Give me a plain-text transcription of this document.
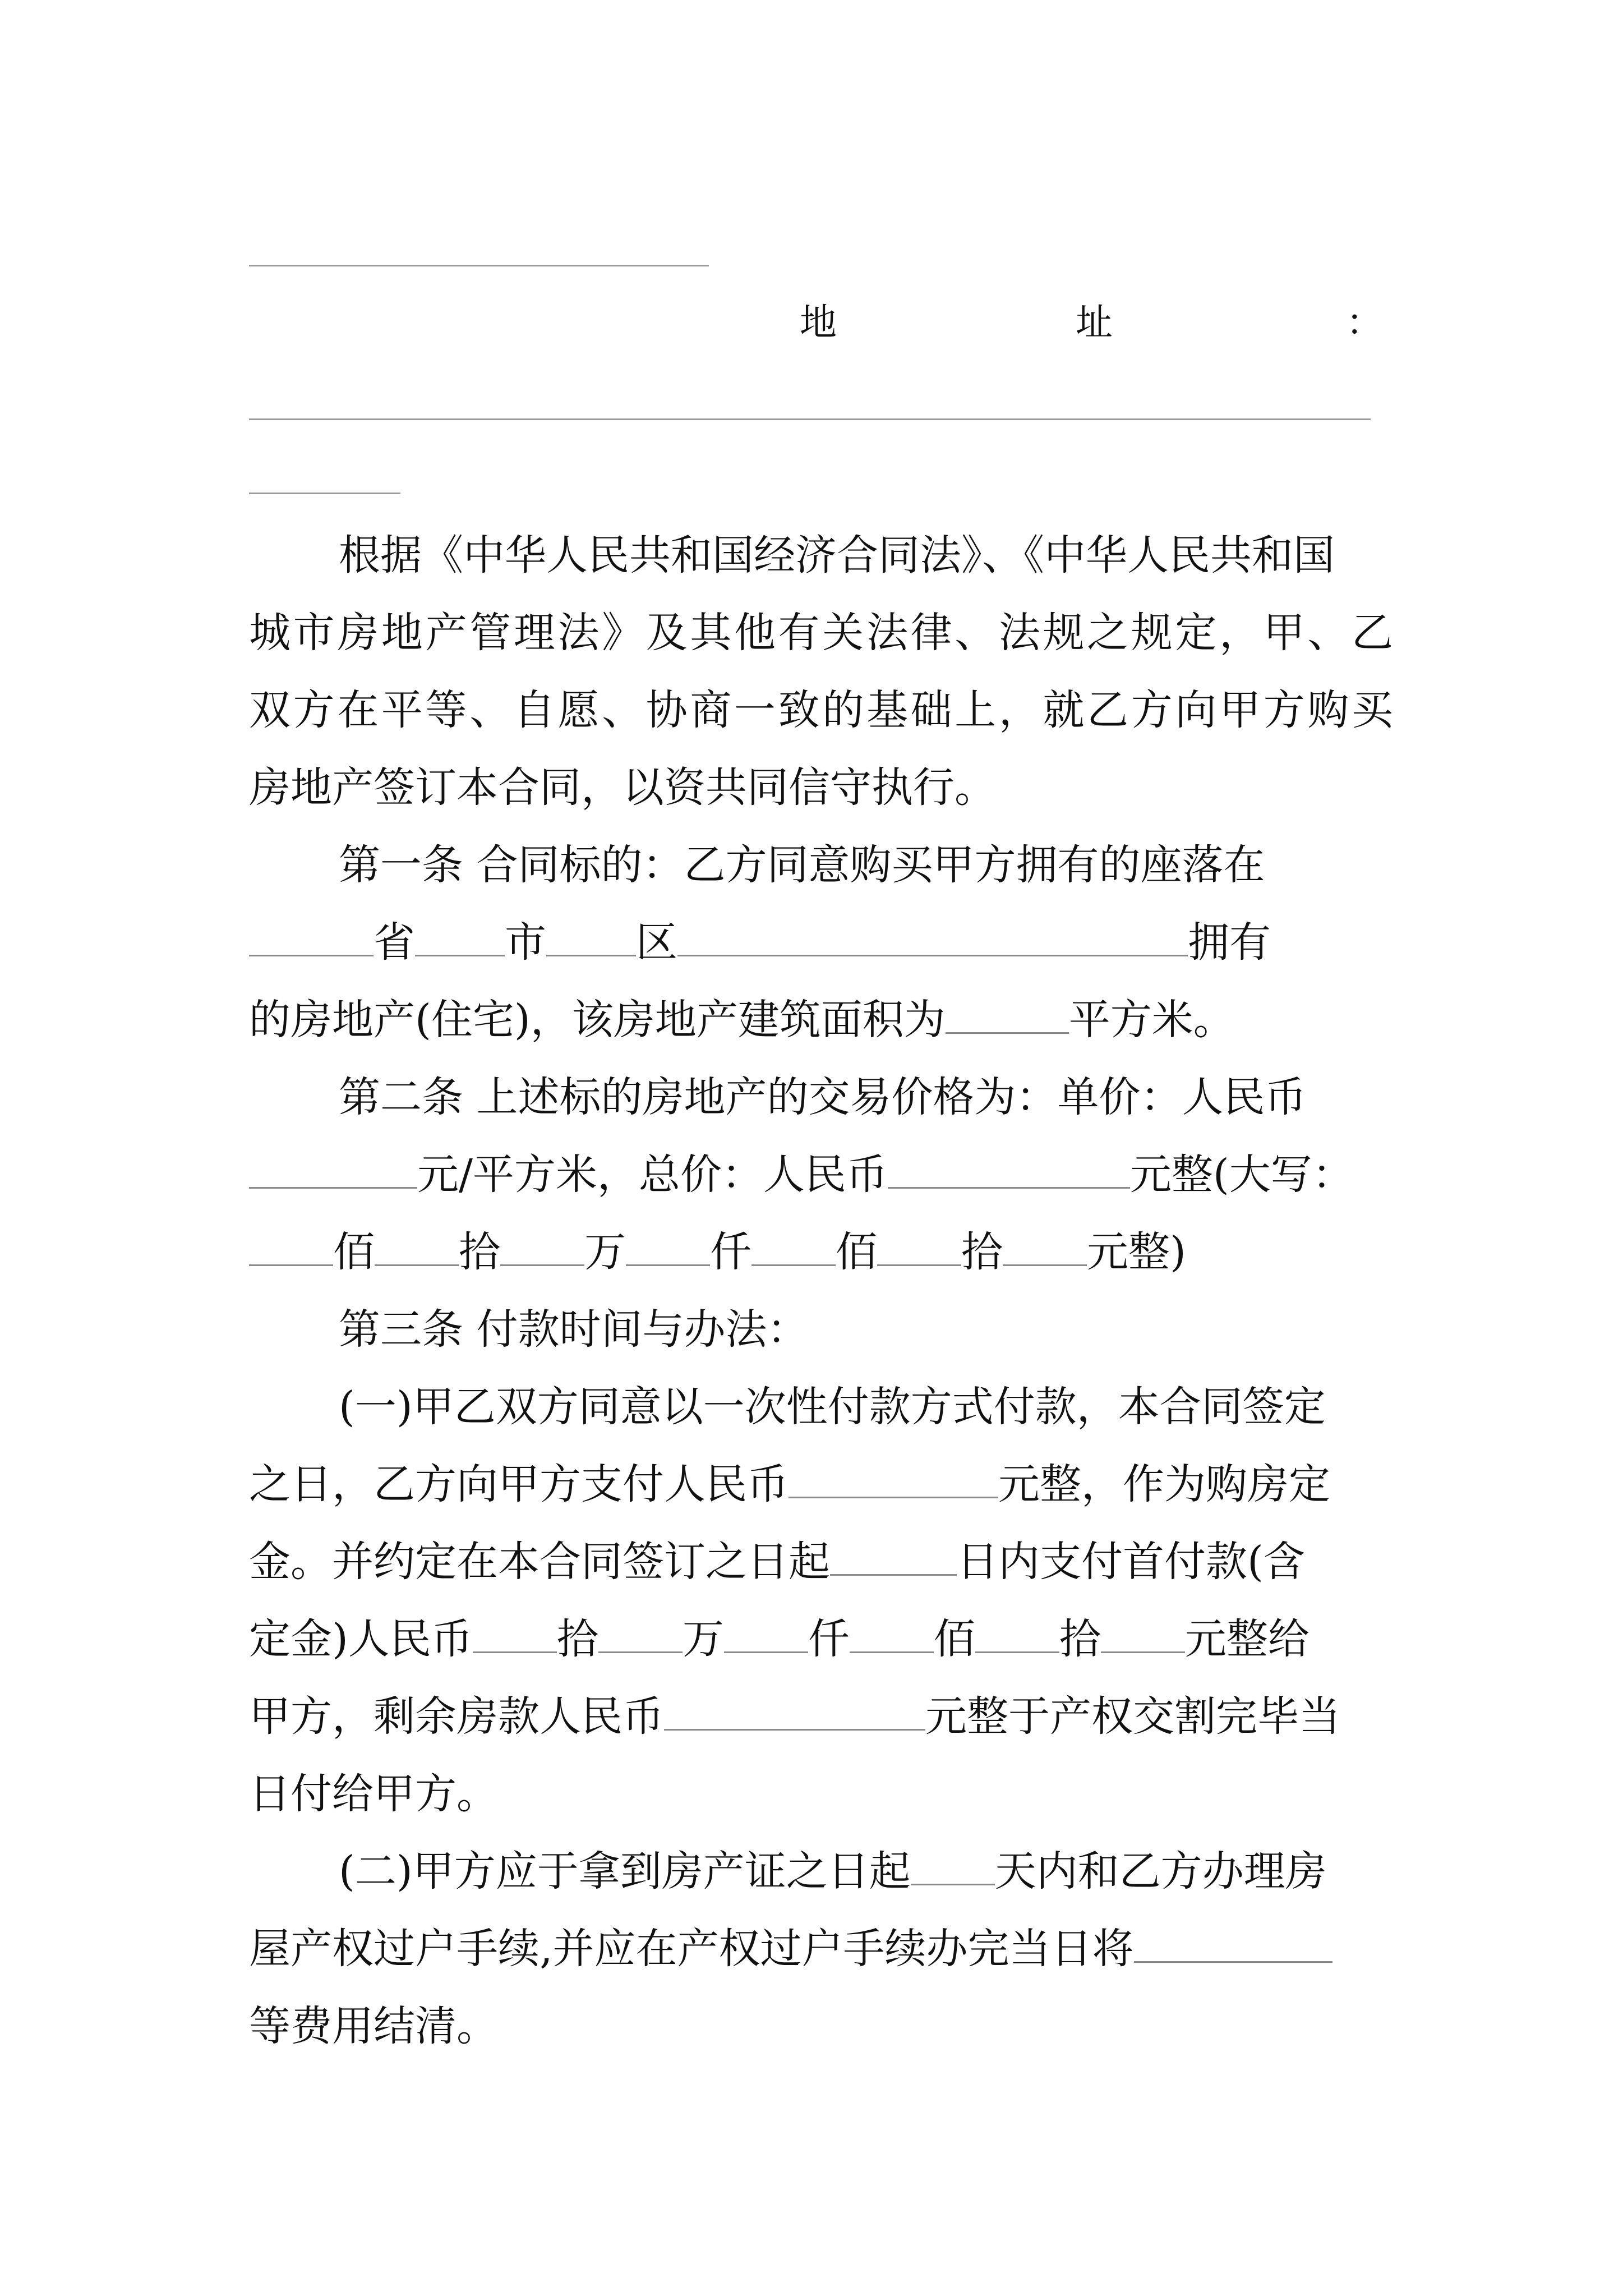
地	址	：
根据《中华人民共和国经济合同法》、《中华人民共和国
城市房地产管理法》及其他有关法律、法规之规定，甲、乙
双方在平等、自愿、协商一致的基础上，就乙方向甲方购买
房地产签订本合同，以资共同信守执行。
第一条 合同标的：乙方同意购买甲方拥有的座落在
省 市 区	拥有
的房地产(住宅)，该房地产建筑面积为	平方米。
第二条 上述标的房地产的交易价格为：单价：人民币
元/平方米，总价：人民币	元整(大写：
佰 拾 万 仟 佰 拾 元整)
第三条 付款时间与办法：
(一)甲乙双方同意以一次性付款方式付款，本合同签定
之日，乙方向甲方支付人民币	元整，作为购房定
金。并约定在本合同签订之日起	日内支付首付款(含
定金)人民币 拾 万 仟 佰 拾 元整给
甲方，剩余房款人民币	元整于产权交割完毕当
日付给甲方。
(二)甲方应于拿到房产证之日起 天内和乙方办理房
屋产权过户手续,并应在产权过户手续办完当日将
等费用结清。
